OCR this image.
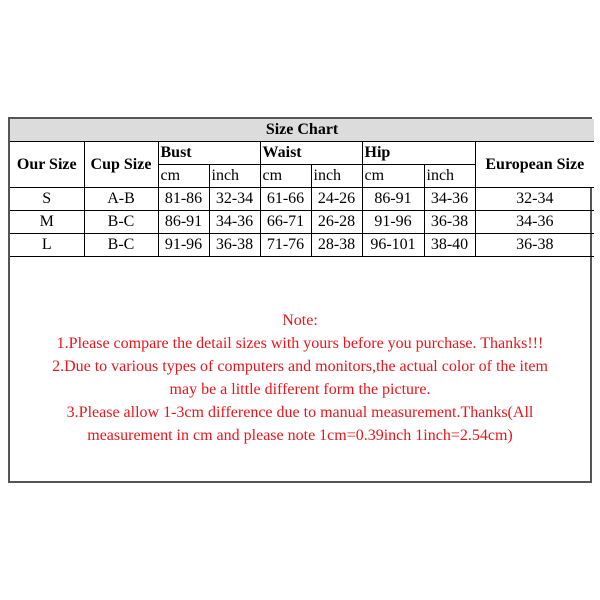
Size Chart								
Our Size	Cup Size	Bust		Waist		Hip		European Size
		cm	inch	cm	inch	cm	inch	
S	A-B	81-86	32-34	61-66	24-26	86-91	34-36	32-34
M	B-C	86-91	34-36	66-71	26-28	91-96	36-38	34-36
L	B-C	91-96	36-38	71-76	28-38	96-101	38-40	36-38
Note:
1.Please compare the detail sizes with yours before you purchase. Thanks!!!
2.Due to various types of computers and monitors,the actual color of the item
may be a little different form the picture.
3.Please allow 1-3cm difference due to manual measurement.Thanks(All
measurement in cm and please note 1cm=0.39inch 1inch=2.54cm)
